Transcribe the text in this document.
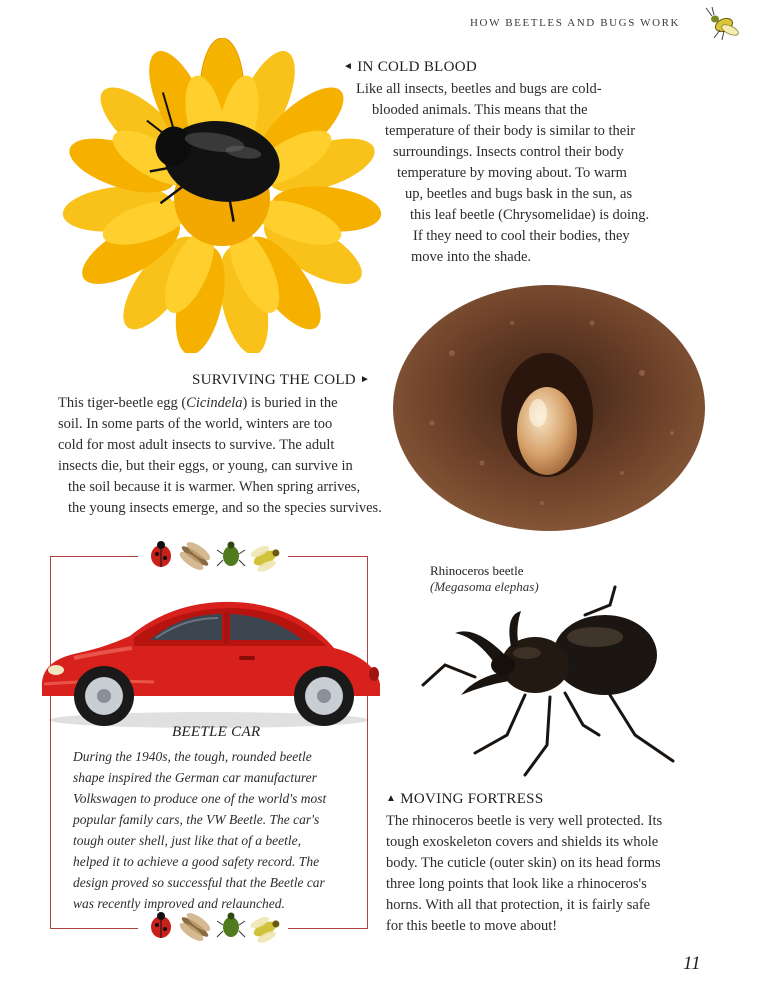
HOW BEETLES AND BUGS WORK
◄ IN COLD BLOOD
Like all insects, beetles and bugs are cold-
blooded animals. This means that the
temperature of their body is similar to their
surroundings. Insects control their body
temperature by moving about. To warm
up, beetles and bugs bask in the sun, as
this leaf beetle (Chrysomelidae) is doing.
If they need to cool their bodies, they
move into the shade.
SURVIVING THE COLD ►
This tiger-beetle egg (Cicindela) is buried in the
soil. In some parts of the world, winters are too
cold for most adult insects to survive. The adult
insects die, but their eggs, or young, can survive in
the soil because it is warmer. When spring arrives,
the young insects emerge, and so the species survives.
BEETLE CAR
During the 1940s, the tough, rounded beetle
shape inspired the German car manufacturer
Volkswagen to produce one of the world's most
popular family cars, the VW Beetle. The car's
tough outer shell, just like that of a beetle,
helped it to achieve a good safety record. The
design proved so successful that the Beetle car
was recently improved and relaunched.
Rhinoceros beetle
(Megasoma elephas)
▲ MOVING FORTRESS
The rhinoceros beetle is very well protected. Its
tough exoskeleton covers and shields its whole
body. The cuticle (outer skin) on its head forms
three long points that look like a rhinoceros's
horns. With all that protection, it is fairly safe
for this beetle to move about!
11
